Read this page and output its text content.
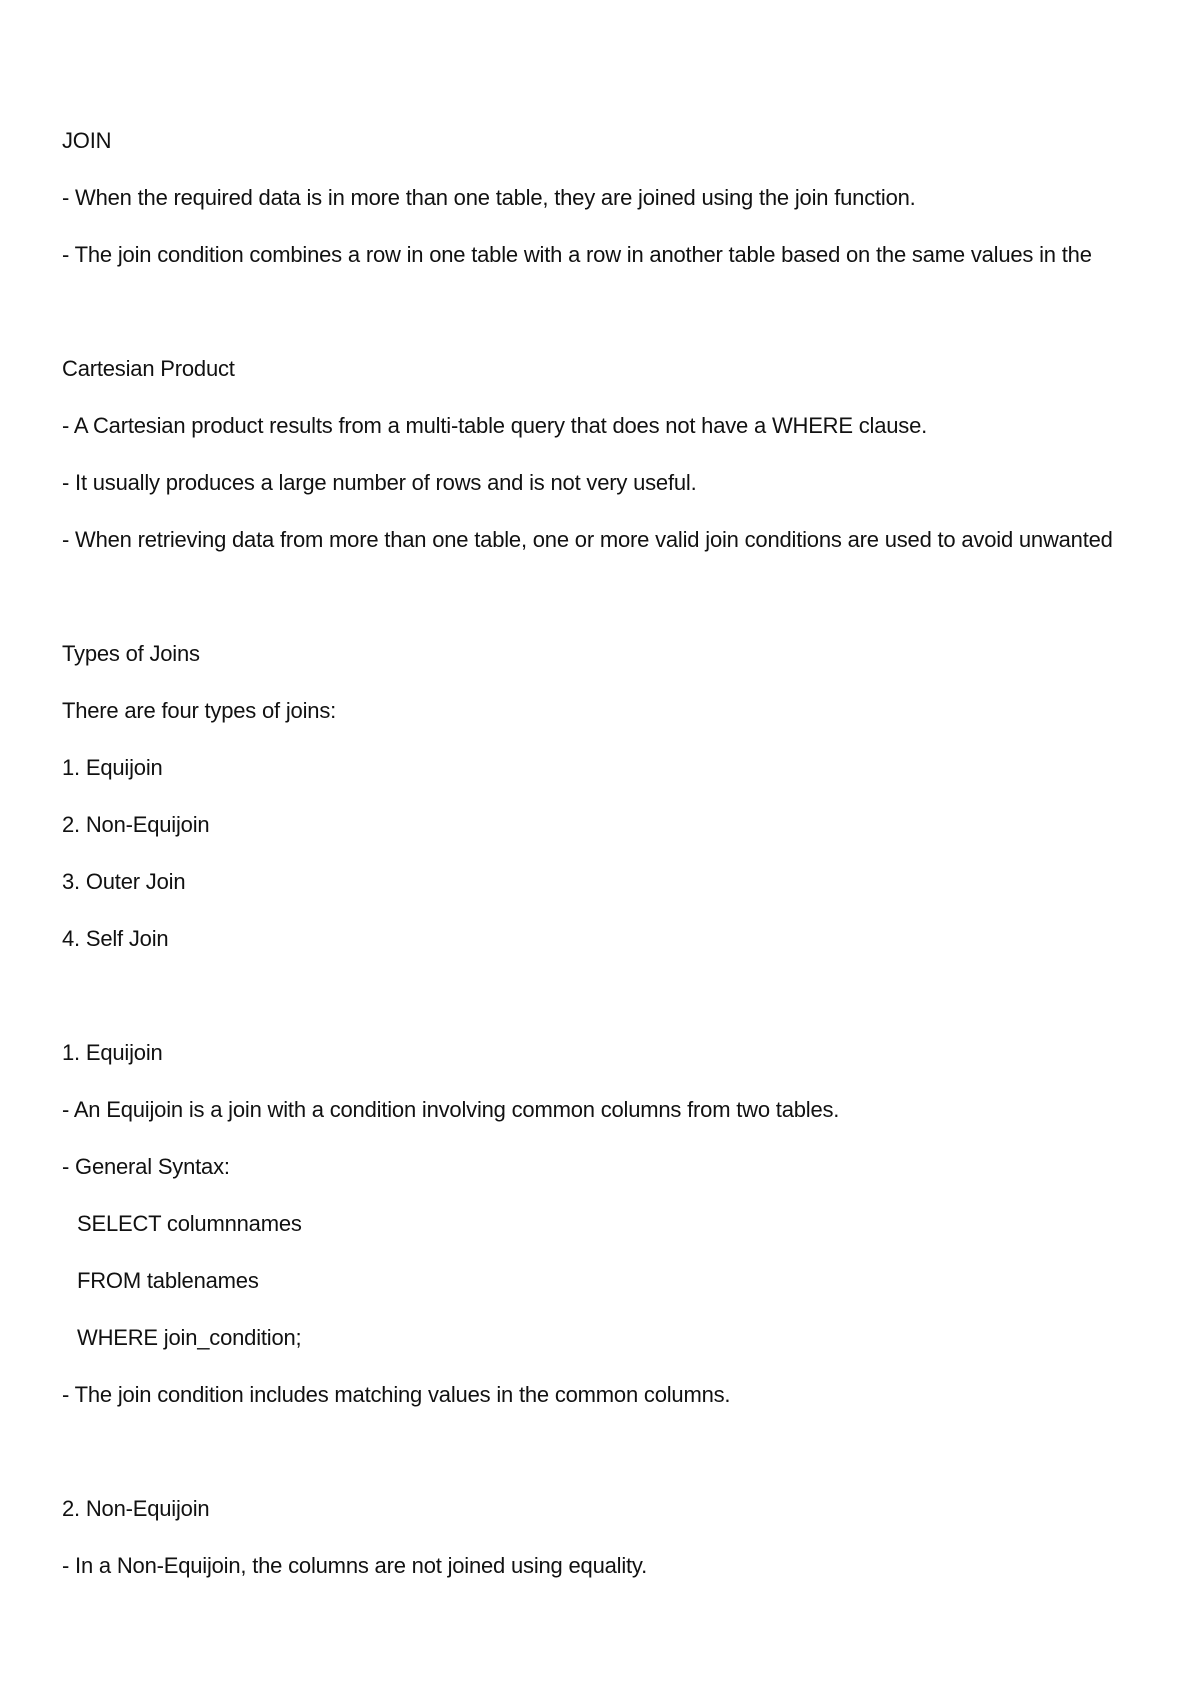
JOIN
- When the required data is in more than one table, they are joined using the join function.
- The join condition combines a row in one table with a row in another table based on the same values in the
Cartesian Product
- A Cartesian product results from a multi-table query that does not have a WHERE clause.
- It usually produces a large number of rows and is not very useful.
- When retrieving data from more than one table, one or more valid join conditions are used to avoid unwanted
Types of Joins
There are four types of joins:
1. Equijoin
2. Non-Equijoin
3. Outer Join
4. Self Join
1. Equijoin
- An Equijoin is a join with a condition involving common columns from two tables.
- General Syntax:
SELECT columnnames
FROM tablenames
WHERE join_condition;
- The join condition includes matching values in the common columns.
2. Non-Equijoin
- In a Non-Equijoin, the columns are not joined using equality.
